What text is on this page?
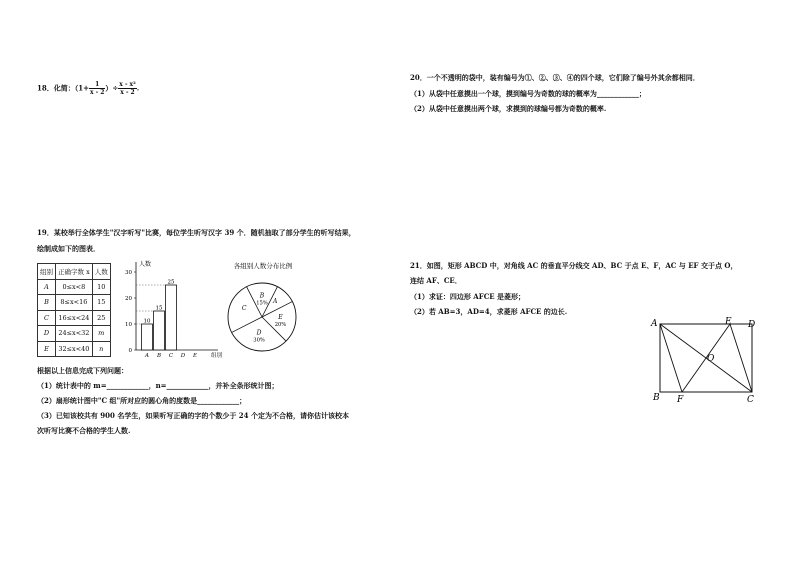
18．化简：（$1+ \frac{1}{x - 2}$ ）÷ $\frac{\text{x - x²}}{x - 2}$ .
19．某校举行全体学生"汉字听写"比赛，每位学生听写汉字 39 个．随机抽取了部分学生的听写结果，
绘制成如下的图表．
组别	正确字数 x	人数
A	0≤x<8	10
B	8≤x<16	15
C	16≤x<24	25
D	24≤x<32	m
E	32≤x<40	n
人数
组别
0
10
20
30
A
10
B
15
C
25
D E
各组别人数分布比例
B
15% A
E
20%
D
30%
C
根据以上信息完成下列问题：
（1）统计表中的 m=____________，n=____________，并补全条形统计图；
（2）扇形统计图中"C 组"所对应的圆心角的度数是____________；
（3）已知该校共有 900 名学生，如果听写正确的字的个数少于 24 个定为不合格，请你估计该校本
次听写比赛不合格的学生人数.
20．一个不透明的袋中，装有编号为①、②、③、④的四个球，它们除了编号外其余都相同．
（1）从袋中任意摸出一个球，摸到编号为奇数的球的概率为____________；
（2）从袋中任意摸出两个球，求摸到的球编号都为奇数的概率.
21．如图，矩形 ABCD 中，对角线 AC 的垂直平分线交 AD、BC 于点 E、F，AC 与 EF 交于点 O，
连结 AF、CE．
（1）求证：四边形 AFCE 是菱形；
（2）若 AB=3，AD=4，求菱形 AFCE 的边长.
A	E D
O
B F	C
